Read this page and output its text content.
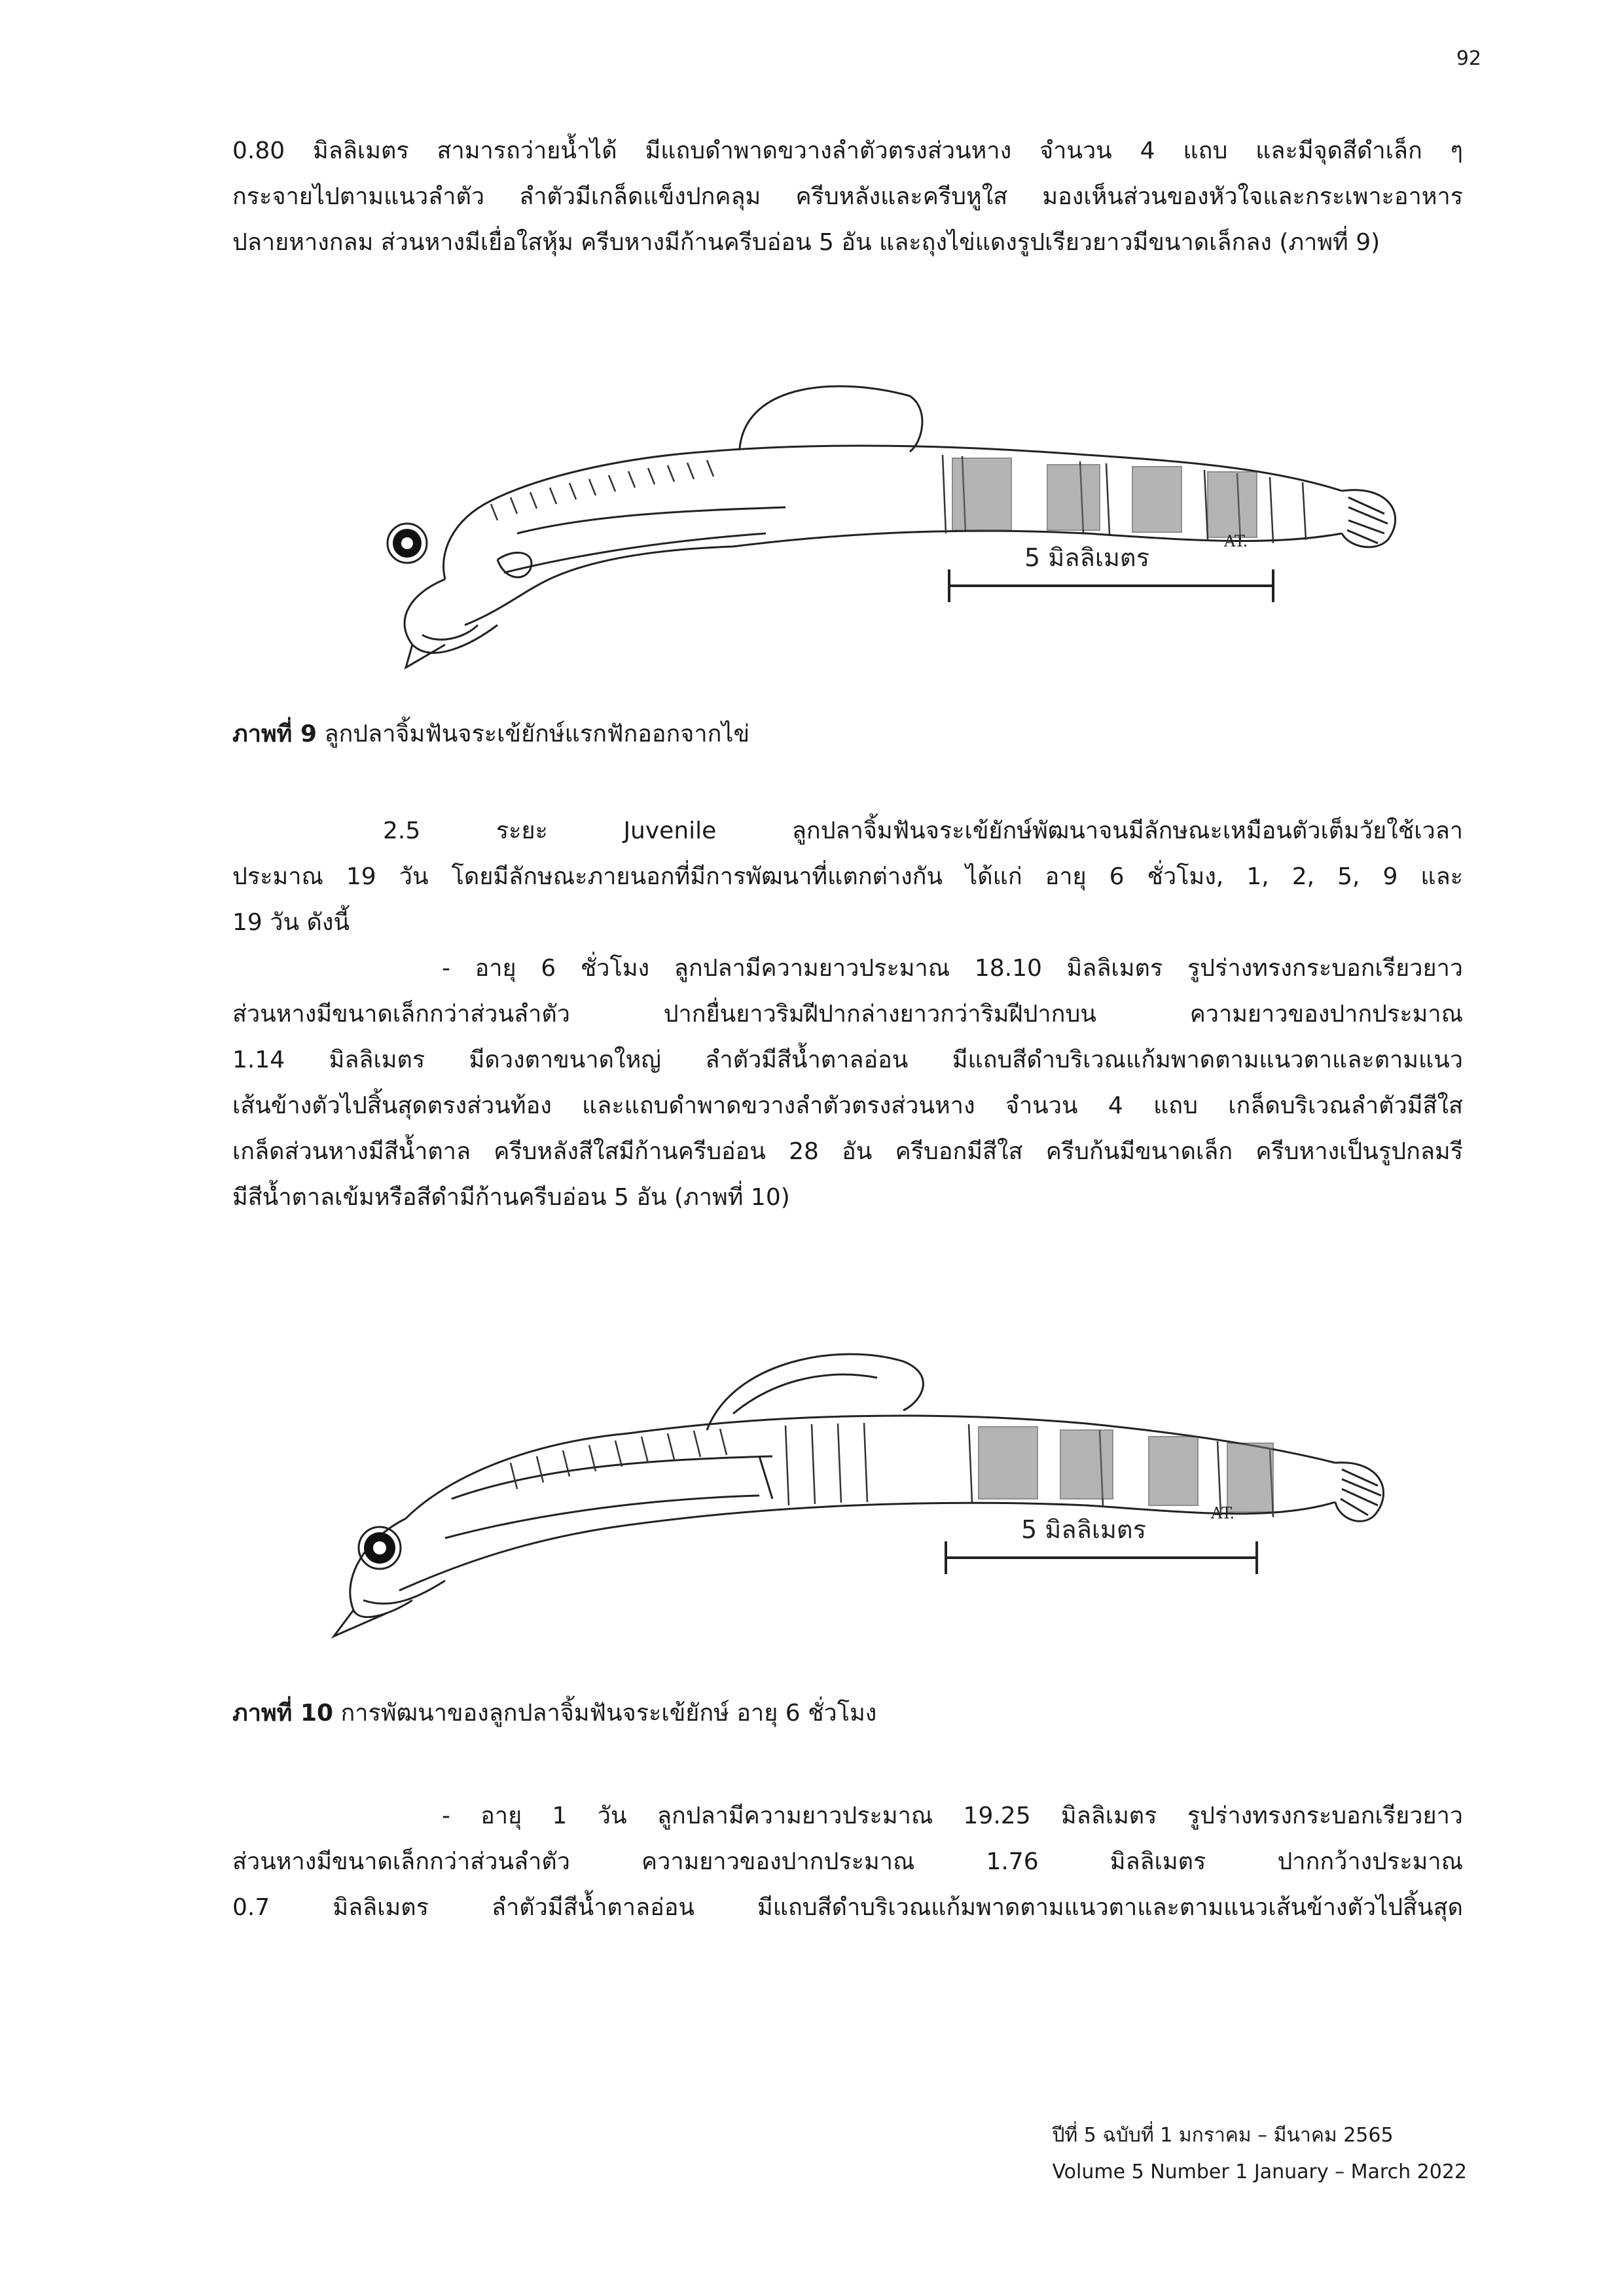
92
0.80 มิลลิเมตร สามารถว่ายน้ำได้ มีแถบดำพาดขวางลำตัวตรงส่วนหาง จำนวน 4 แถบ และมีจุดสีดำเล็ก ๆ
กระจายไปตามแนวลำตัว ลำตัวมีเกล็ดแข็งปกคลุม ครีบหลังและครีบหูใส มองเห็นส่วนของหัวใจและกระเพาะอาหาร
ปลายหางกลม ส่วนหางมีเยื่อใสหุ้ม ครีบหางมีก้านครีบอ่อน 5 อัน และถุงไข่แดงรูปเรียวยาวมีขนาดเล็กลง (ภาพที่ 9)
5 มิลลิเมตร
AT.

ภาพที่ 9 ลูกปลาจิ้มฟันจระเข้ยักษ์แรกฟักออกจากไข่

2.5 ระยะ Juvenile ลูกปลาจิ้มฟันจระเข้ยักษ์พัฒนาจนมีลักษณะเหมือนตัวเต็มวัยใช้เวลา
ประมาณ 19 วัน โดยมีลักษณะภายนอกที่มีการพัฒนาที่แตกต่างกัน ได้แก่ อายุ 6 ชั่วโมง, 1, 2, 5, 9 และ
19 วัน ดังนี้
- อายุ 6 ชั่วโมง ลูกปลามีความยาวประมาณ 18.10 มิลลิเมตร รูปร่างทรงกระบอกเรียวยาว
ส่วนหางมีขนาดเล็กกว่าส่วนลำตัว ปากยื่นยาวริมฝีปากล่างยาวกว่าริมฝีปากบน ความยาวของปากประมาณ
1.14 มิลลิเมตร มีดวงตาขนาดใหญ่ ลำตัวมีสีน้ำตาลอ่อน มีแถบสีดำบริเวณแก้มพาดตามแนวตาและตามแนว
เส้นข้างตัวไปสิ้นสุดตรงส่วนท้อง และแถบดำพาดขวางลำตัวตรงส่วนหาง จำนวน 4 แถบ เกล็ดบริเวณลำตัวมีสีใส
เกล็ดส่วนหางมีสีน้ำตาล ครีบหลังสีใสมีก้านครีบอ่อน 28 อัน ครีบอกมีสีใส ครีบก้นมีขนาดเล็ก ครีบหางเป็นรูปกลมรี
มีสีน้ำตาลเข้มหรือสีดำมีก้านครีบอ่อน 5 อัน (ภาพที่ 10)
5 มิลลิเมตร
AT.

ภาพที่ 10 การพัฒนาของลูกปลาจิ้มฟันจระเข้ยักษ์ อายุ 6 ชั่วโมง

- อายุ 1 วัน ลูกปลามีความยาวประมาณ 19.25 มิลลิเมตร รูปร่างทรงกระบอกเรียวยาว
ส่วนหางมีขนาดเล็กกว่าส่วนลำตัว ความยาวของปากประมาณ 1.76 มิลลิเมตร ปากกว้างประมาณ
0.7 มิลลิเมตร ลำตัวมีสีน้ำตาลอ่อน มีแถบสีดำบริเวณแก้มพาดตามแนวตาและตามแนวเส้นข้างตัวไปสิ้นสุด
ปีที่ 5 ฉบับที่ 1 มกราคม – มีนาคม 2565
Volume 5 Number 1 January – March 2022
